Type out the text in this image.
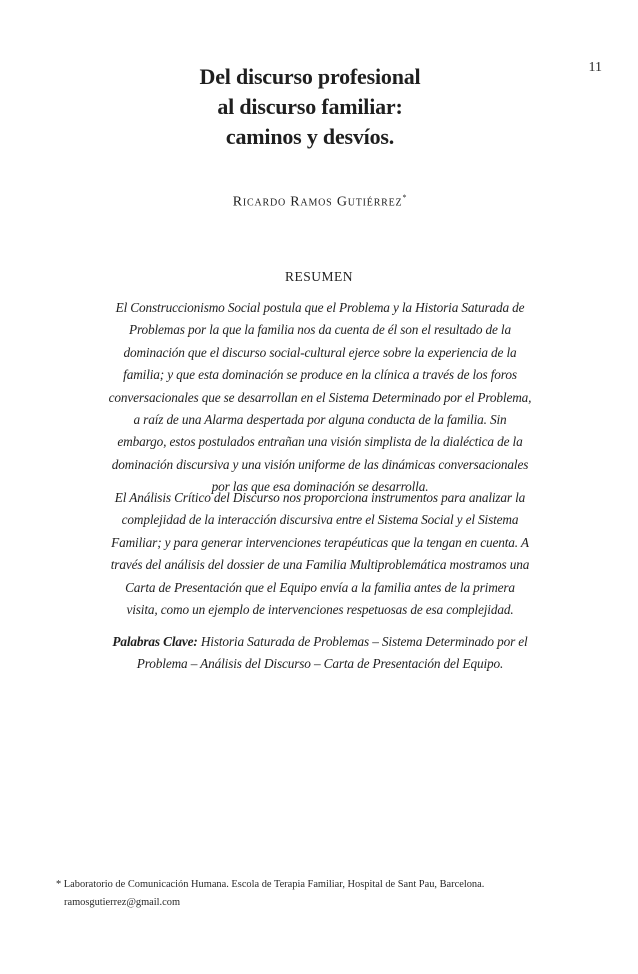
11
Del discurso profesional
al discurso familiar:
caminos y desvíos.
Ricardo Ramos Gutiérrez*
RESUMEN

El Construccionismo Social postula que el Problema y la Historia Saturada de
Problemas por la que la familia nos da cuenta de él son el resultado de la
dominación que el discurso social-cultural ejerce sobre la experiencia de la
familia; y que esta dominación se produce en la clínica a través de los foros
conversacionales que se desarrollan en el Sistema Determinado por el Problema,
a raíz de una Alarma despertada por alguna conducta de la familia. Sin
embargo, estos postulados entrañan una visión simplista de la dialéctica de la
dominación discursiva y una visión uniforme de las dinámicas conversacionales
por las que esa dominación se desarrolla.

El Análisis Crítico del Discurso nos proporciona instrumentos para analizar la
complejidad de la interacción discursiva entre el Sistema Social y el Sistema
Familiar; y para generar intervenciones terapéuticas que la tengan en cuenta. A
través del análisis del dossier de una Familia Multiproblemática mostramos una
Carta de Presentación que el Equipo envía a la familia antes de la primera
visita, como un ejemplo de intervenciones respetuosas de esa complejidad.

Palabras Clave: Historia Saturada de Problemas – Sistema Determinado por el
Problema – Análisis del Discurso – Carta de Presentación del Equipo.

* Laboratorio de Comunicación Humana. Escola de Terapia Familiar, Hospital de Sant Pau, Barcelona.
ramosgutierrez@gmail.com
